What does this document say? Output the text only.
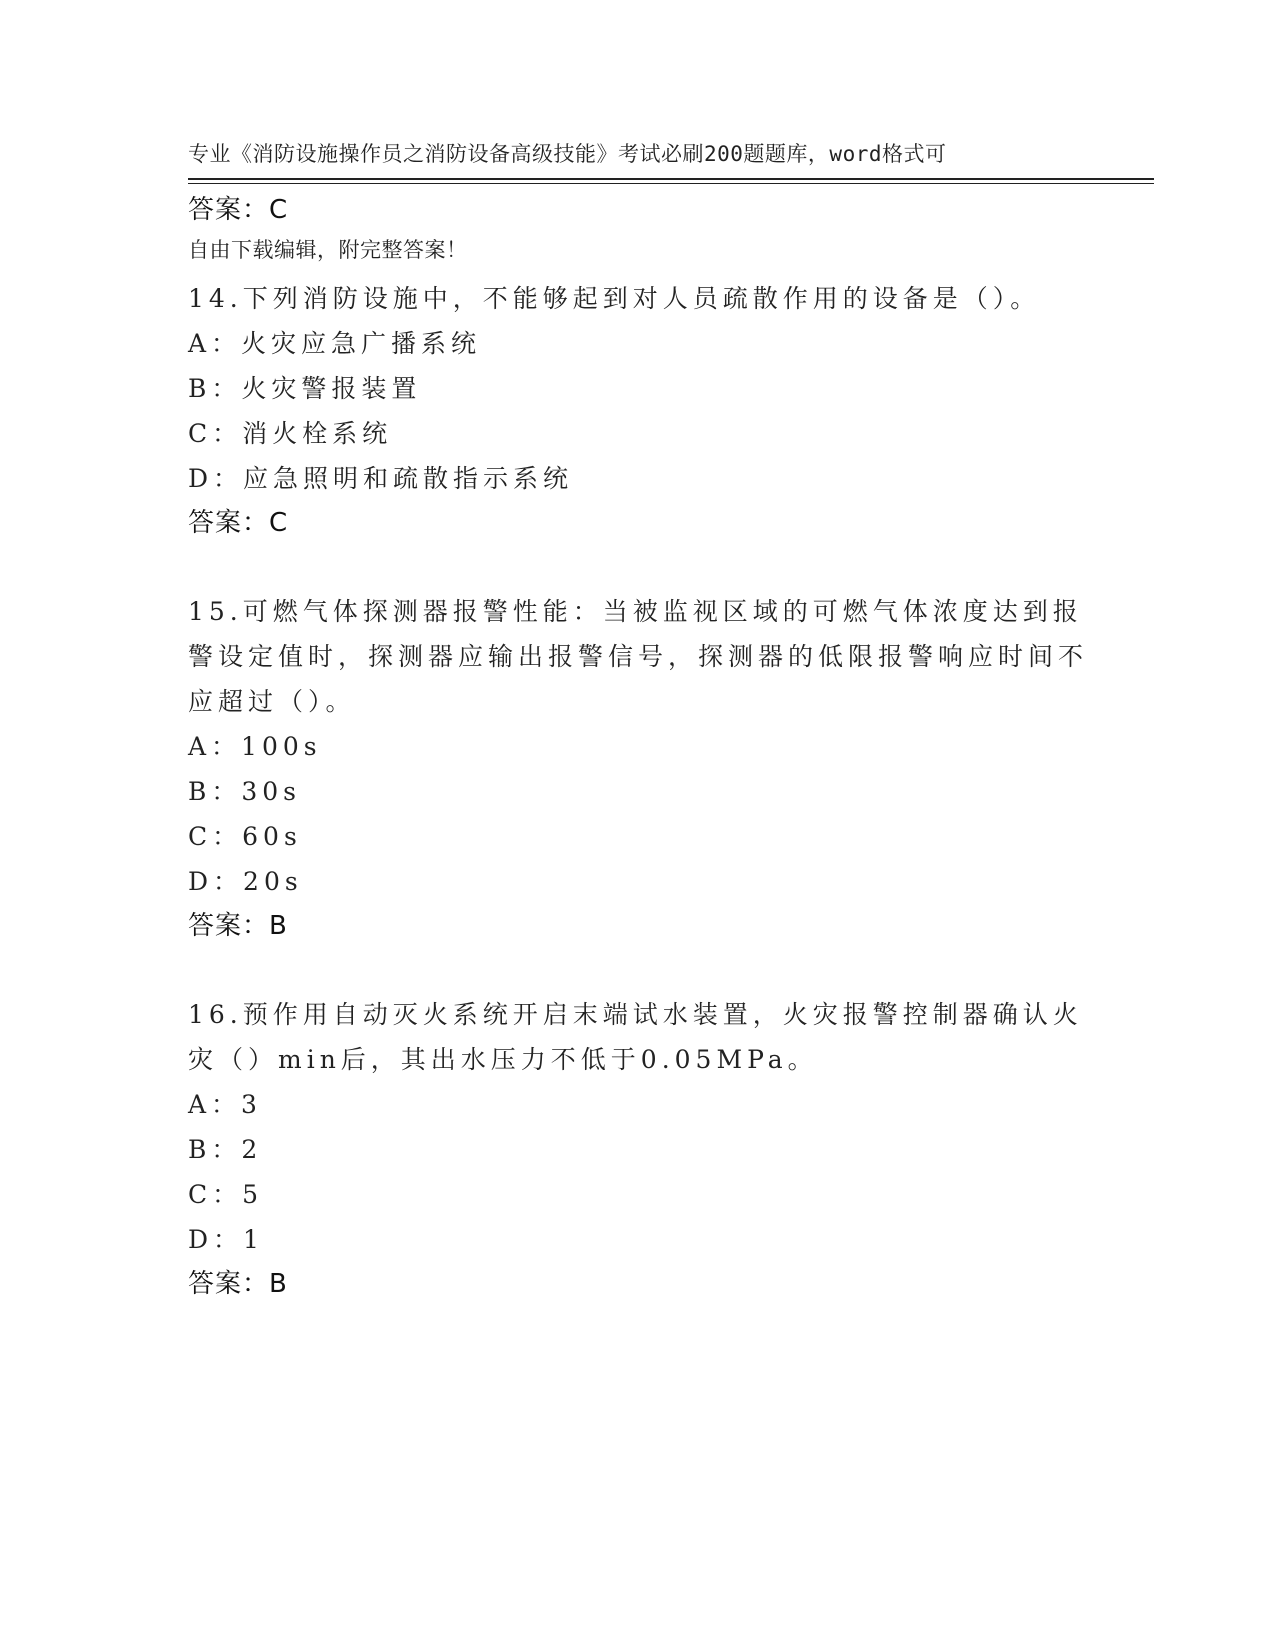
专业《消防设施操作员之消防设备高级技能》考试必刷200题题库，word格式可

自由下载编辑，附完整答案！

答案：C
14.下列消防设施中，不能够起到对人员疏散作用的设备是（）。
A：火灾应急广播系统
B：火灾警报装置
C：消火栓系统
D：应急照明和疏散指示系统
答案：C
15.可燃气体探测器报警性能：当被监视区域的可燃气体浓度达到报警设定值时，探测器应输出报警信号，探测器的低限报警响应时间不应超过（）。
A：100s
B：30s
C：60s
D：20s
答案：B
16.预作用自动灭火系统开启末端试水装置，火灾报警控制器确认火灾（）min后，其出水压力不低于0.05MPa。
A：3
B：2
C：5
D：1
答案：B
